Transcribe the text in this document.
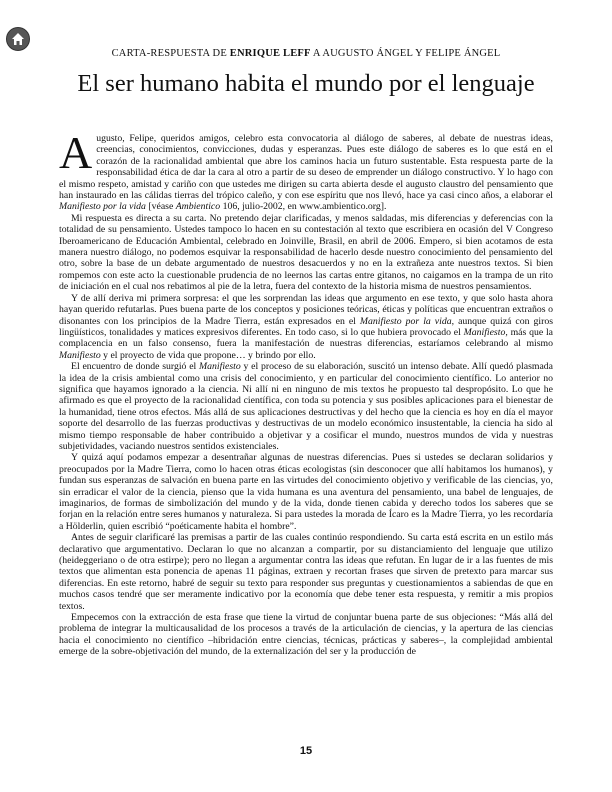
CARTA-RESPUESTA DE ENRIQUE LEFF A AUGUSTO ÁNGEL Y FELIPE ÁNGEL
El ser humano habita el mundo por el lenguaje

Augusto, Felipe, queridos amigos, celebro esta convocatoria al diálogo de saberes, al debate de nuestras ideas, creencias, conocimientos, convicciones, dudas y esperanzas. Pues este diálogo de saberes es lo que está en el corazón de la racionalidad ambiental que abre los caminos hacia un futuro sustentable. Esta respuesta parte de la responsabilidad ética de dar la cara al otro a partir de su deseo de emprender un diálogo constructivo. Y lo hago con el mismo respeto, amistad y cariño con que ustedes me dirigen su carta abierta desde el augusto claustro del pensamiento que han instaurado en las cálidas tierras del trópico caleño, y con ese espíritu que nos llevó, hace ya casi cinco años, a elaborar el Manifiesto por la vida [véase Ambientico 106, julio-2002, en www.ambientico.org].

Mi respuesta es directa a su carta. No pretendo dejar clarificadas, y menos saldadas, mis diferencias y deferencias con la totalidad de su pensamiento. Ustedes tampoco lo hacen en su contestación al texto que escribiera en ocasión del V Congreso Iberoamericano de Educación Ambiental, celebrado en Joinville, Brasil, en abril de 2006. Empero, si bien acotamos de esta manera nuestro diálogo, no podemos esquivar la responsabilidad de hacerlo desde nuestro conocimiento del pensamiento del otro, sobre la base de un debate argumentado de nuestros desacuerdos y no en la extrañeza ante nuestros textos. Si bien rompemos con este acto la cuestionable prudencia de no leernos las cartas entre gitanos, no caigamos en la trampa de un rito de iniciación en el cual nos rebatimos al pie de la letra, fuera del contexto de la historia misma de nuestros pensamientos.

Y de allí deriva mi primera sorpresa: el que les sorprendan las ideas que argumento en ese texto, y que solo hasta ahora hayan querido refutarlas. Pues buena parte de los conceptos y posiciones teóricas, éticas y políticas que encuentran extraños o disonantes con los principios de la Madre Tierra, están expresados en el Manifiesto por la vida, aunque quizá con giros lingüísticos, tonalidades y matices expresivos diferentes. En todo caso, si lo que hubiera provocado el Manifiesto, más que la complacencia en un falso consenso, fuera la manifestación de nuestras diferencias, estaríamos celebrando al mismo Manifiesto y el proyecto de vida que propone… y brindo por ello.

El encuentro de donde surgió el Manifiesto y el proceso de su elaboración, suscitó un intenso debate. Allí quedó plasmada la idea de la crisis ambiental como una crisis del conocimiento, y en particular del conocimiento científico. Lo anterior no significa que hayamos ignorado a la ciencia. Ni allí ni en ninguno de mis textos he propuesto tal despropósito. Lo que he afirmado es que el proyecto de la racionalidad científica, con toda su potencia y sus posibles aplicaciones para el bienestar de la humanidad, tiene otros efectos. Más allá de sus aplicaciones destructivas y del hecho que la ciencia es hoy en día el mayor soporte del desarrollo de las fuerzas productivas y destructivas de un modelo económico insustentable, la ciencia ha sido al mismo tiempo responsable de haber contribuido a objetivar y a cosificar el mundo, nuestros mundos de vida y nuestras subjetividades, vaciando nuestros sentidos existenciales.

Y quizá aquí podamos empezar a desentrañar algunas de nuestras diferencias. Pues si ustedes se declaran solidarios y preocupados por la Madre Tierra, como lo hacen otras éticas ecologistas (sin desconocer que allí habitamos los humanos), y fundan sus esperanzas de salvación en buena parte en las virtudes del conocimiento objetivo y verificable de las ciencias, yo, sin erradicar el valor de la ciencia, pienso que la vida humana es una aventura del pensamiento, una babel de lenguajes, de imaginarios, de formas de simbolización del mundo y de la vida, donde tienen cabida y derecho todos los saberes que se forjan en la relación entre seres humanos y naturaleza. Si para ustedes la morada de Ícaro es la Madre Tierra, yo les recordaría a Hölderlin, quien escribió “poéticamente habita el hombre”.

Antes de seguir clarificaré las premisas a partir de las cuales continúo respondiendo. Su carta está escrita en un estilo más declarativo que argumentativo. Declaran lo que no alcanzan a compartir, por su distanciamiento del lenguaje que utilizo (heideggeriano o de otra estirpe); pero no llegan a argumentar contra las ideas que refutan. En lugar de ir a las fuentes de mis textos que alimentan esta ponencia de apenas 11 páginas, extraen y recortan frases que sirven de pretexto para marcar sus diferencias. En este retorno, habré de seguir su texto para responder sus preguntas y cuestionamientos a sabiendas de que en muchos casos tendré que ser meramente indicativo por la economía que debe tener esta respuesta, y remitir a mis propios textos.

Empecemos con la extracción de esta frase que tiene la virtud de conjuntar buena parte de sus objeciones: “Más allá del problema de integrar la multicausalidad de los procesos a través de la articulación de ciencias, y la apertura de las ciencias hacia el conocimiento no científico –hibridación entre ciencias, técnicas, prácticas y saberes–, la complejidad ambiental emerge de la sobre-objetivación del mundo, de la externalización del ser y la producción de

15
